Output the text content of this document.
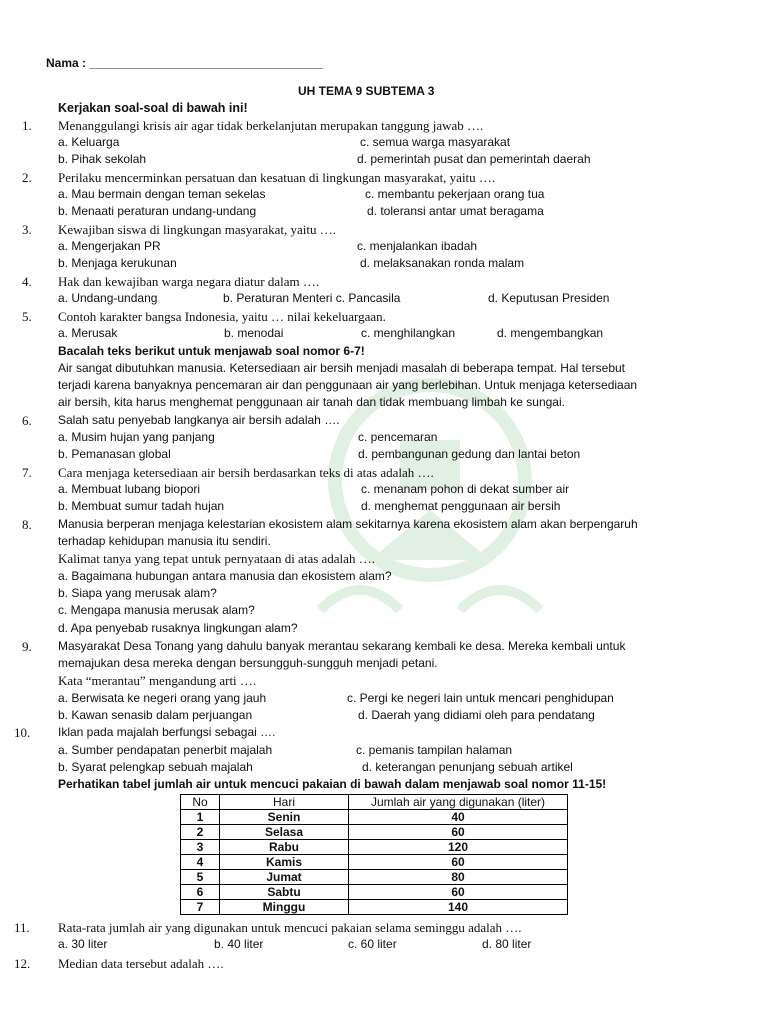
Nama : ___________________________________
UH TEMA 9 SUBTEMA 3
Kerjakan soal-soal di bawah ini!
1. Menanggulangi krisis air agar tidak berkelanjutan merupakan tanggung jawab ….
a. Keluarga	c. semua warga masyarakat
b. Pihak sekolah	d. pemerintah pusat dan pemerintah daerah
2. Perilaku mencerminkan persatuan dan kesatuan di lingkungan masyarakat, yaitu ….
a. Mau bermain dengan teman sekelas	c. membantu pekerjaan orang tua
b. Menaati peraturan undang-undang	d. toleransi antar umat beragama
3. Kewajiban siswa di lingkungan masyarakat, yaitu ….
a. Mengerjakan PR	c. menjalankan ibadah
b. Menjaga kerukunan	d. melaksanakan ronda malam
4. Hak dan kewajiban warga negara diatur dalam ….
a. Undang-undang	b. Peraturan Menteri c. Pancasila	d. Keputusan Presiden
5. Contoh karakter bangsa Indonesia, yaitu … nilai kekeluargaan.
a. Merusak	b. menodai	c. menghilangkan	d. mengembangkan
Bacalah teks berikut untuk menjawab soal nomor 6-7!
Air sangat dibutuhkan manusia. Ketersediaan air bersih menjadi masalah di beberapa tempat. Hal tersebut
terjadi karena banyaknya pencemaran air dan penggunaan air yang berlebihan. Untuk menjaga ketersediaan
air bersih, kita harus menghemat penggunaan air tanah dan tidak membuang limbah ke sungai.
6. Salah satu penyebab langkanya air bersih adalah ….
a. Musim hujan yang panjang	c. pencemaran
b. Pemanasan global	d. pembangunan gedung dan lantai beton
7. Cara menjaga ketersediaan air bersih berdasarkan teks di atas adalah ….
a. Membuat lubang biopori	c. menanam pohon di dekat sumber air
b. Membuat sumur tadah hujan	d. menghemat penggunaan air bersih
8. Manusia berperan menjaga kelestarian ekosistem alam sekitarnya karena ekosistem alam akan berpengaruh
terhadap kehidupan manusia itu sendiri.
Kalimat tanya yang tepat untuk pernyataan di atas adalah ….
a. Bagaimana hubungan antara manusia dan ekosistem alam?
b. Siapa yang merusak alam?
c. Mengapa manusia merusak alam?
d. Apa penyebab rusaknya lingkungan alam?
9. Masyarakat Desa Tonang yang dahulu banyak merantau sekarang kembali ke desa. Mereka kembali untuk
memajukan desa mereka dengan bersungguh-sungguh menjadi petani.
Kata “merantau” mengandung arti ….
a. Berwisata ke negeri orang yang jauh	c. Pergi ke negeri lain untuk mencari penghidupan
b. Kawan senasib dalam perjuangan	d. Daerah yang didiami oleh para pendatang
10. Iklan pada majalah berfungsi sebagai ….
a. Sumber pendapatan penerbit majalah	c. pemanis tampilan halaman
b. Syarat pelengkap sebuah majalah	d. keterangan penunjang sebuah artikel
Perhatikan tabel jumlah air untuk mencuci pakaian di bawah dalam menjawab soal nomor 11-15!
No	Hari	Jumlah air yang digunakan (liter)
1	Senin	40
2	Selasa	60
3	Rabu	120
4	Kamis	60
5	Jumat	80
6	Sabtu	60
7	Minggu	140
11. Rata-rata jumlah air yang digunakan untuk mencuci pakaian selama seminggu adalah ….
a. 30 liter	b. 40 liter	c. 60 liter	d. 80 liter
12. Median data tersebut adalah ….
